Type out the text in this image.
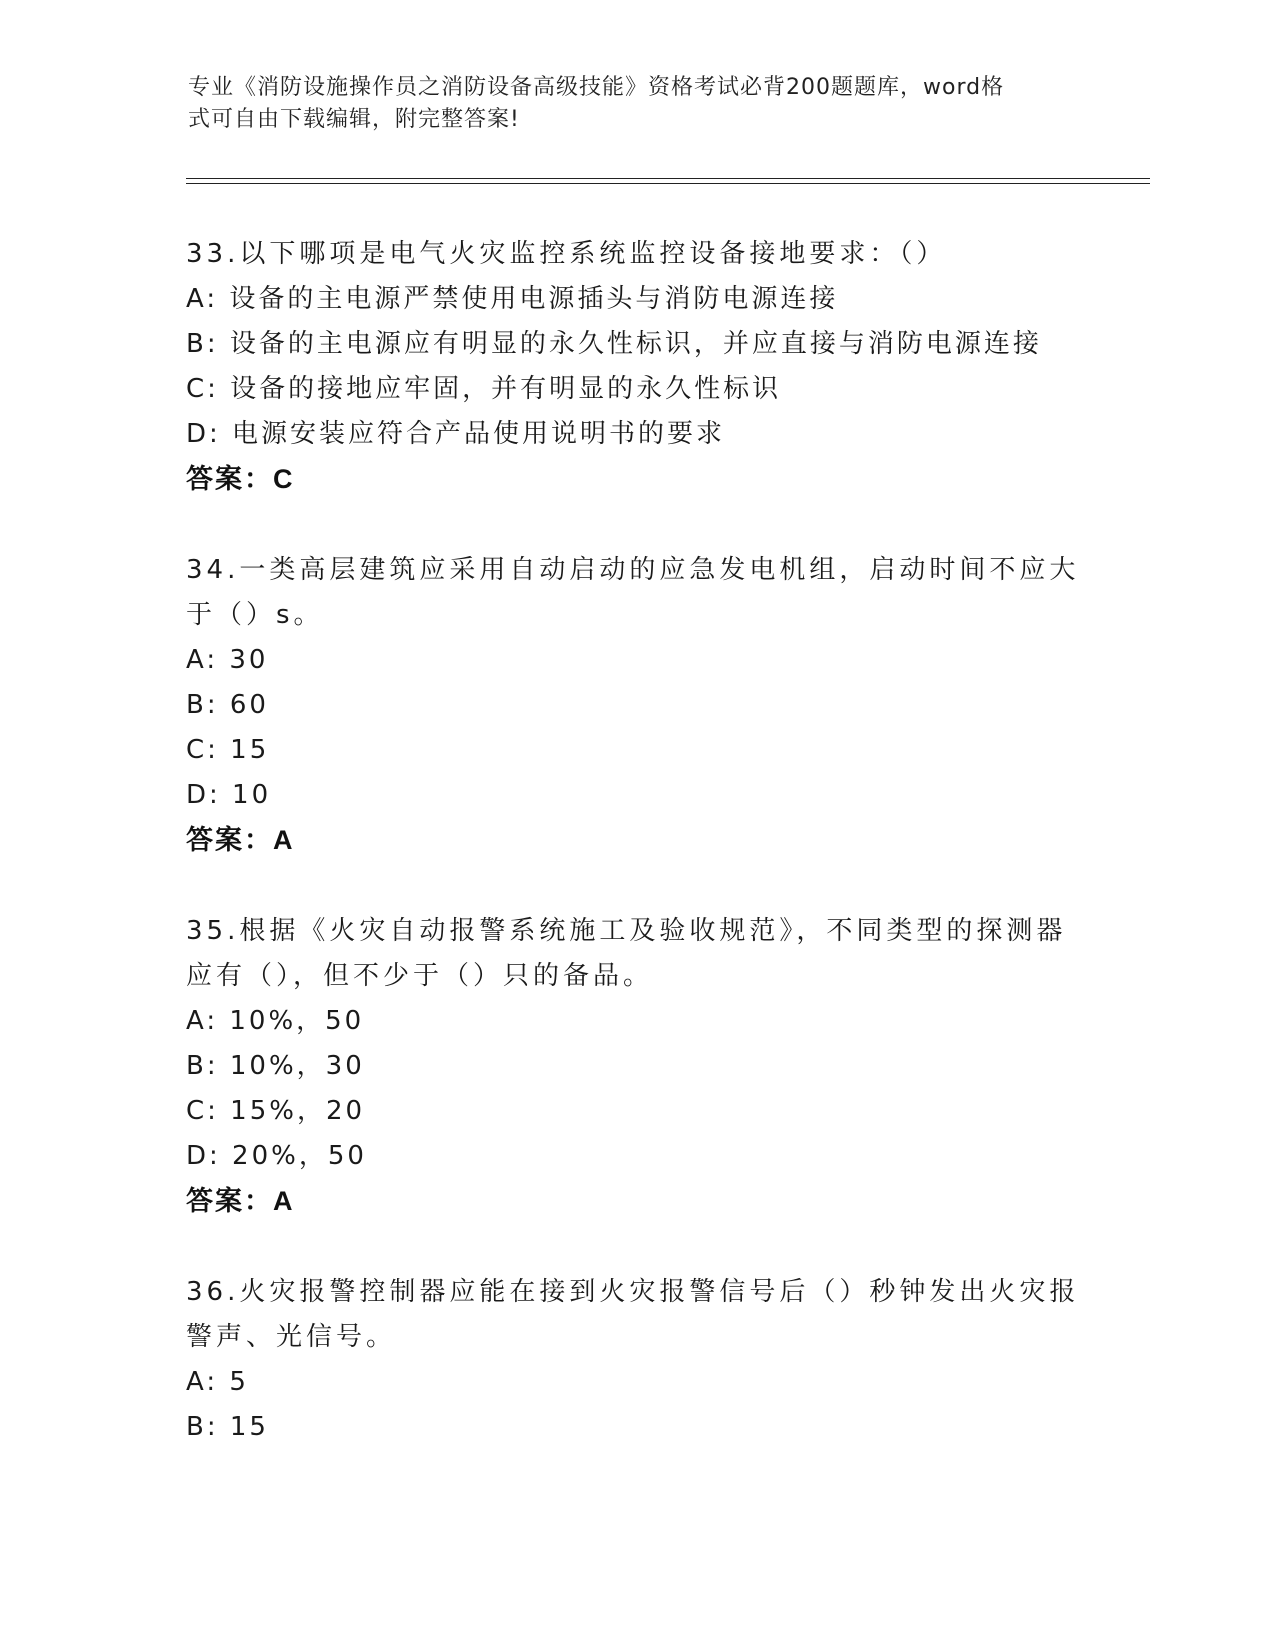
专业《消防设施操作员之消防设备高级技能》资格考试必背200题题库，word格
式可自由下载编辑，附完整答案!
33.以下哪项是电气火灾监控系统监控设备接地要求：（）
A: 设备的主电源严禁使用电源插头与消防电源连接
B: 设备的主电源应有明显的永久性标识，并应直接与消防电源连接
C: 设备的接地应牢固，并有明显的永久性标识
D: 电源安装应符合产品使用说明书的要求
答案：C
34.一类高层建筑应采用自动启动的应急发电机组，启动时间不应大于（）s。
A: 30
B: 60
C: 15
D: 10
答案：A
35.根据《火灾自动报警系统施工及验收规范》，不同类型的探测器应有（），但不少于（）只的备品。
A: 10%，50
B: 10%，30
C: 15%，20
D: 20%，50
答案：A
36.火灾报警控制器应能在接到火灾报警信号后（）秒钟发出火灾报警声、光信号。
A: 5
B: 15
